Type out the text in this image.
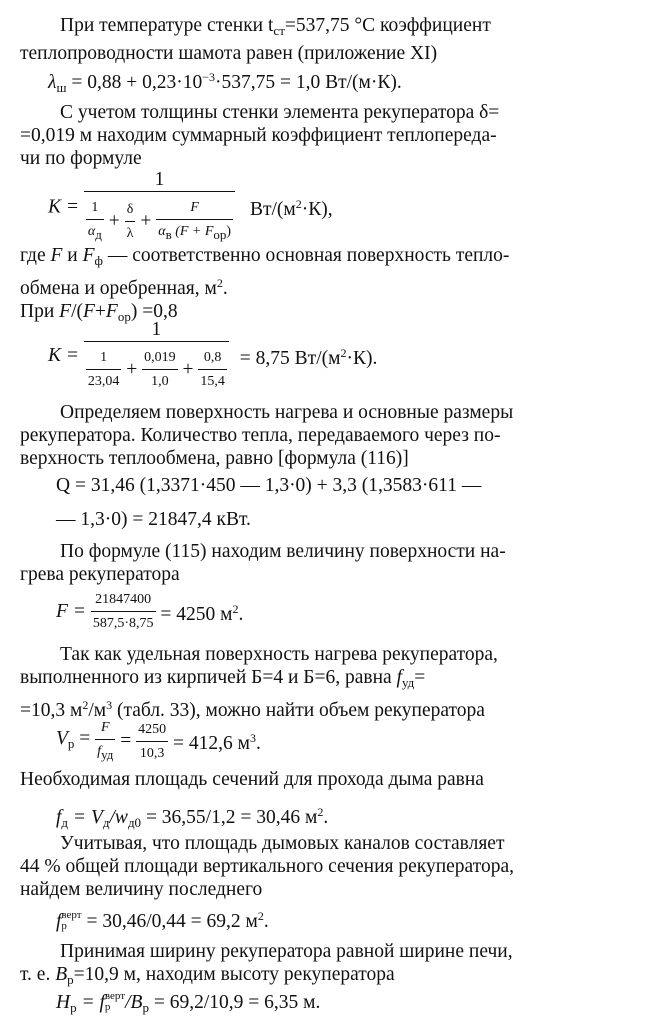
При температуре стенки $t_{ст}=537,75$ °С коэффициент

теплопроводности шамота равен (приложение XI)

$\lambda_ш = 0,88 + 0,23\cdot 10^{-3}\cdot 537,75 = 1,0$ Вт/(м·К).

С учетом толщины стенки элемента рекуператора δ=

=0,019 м находим суммарный коэффициент теплопереда-

чи по формуле

$K = \frac{1}{\frac{1}{\alpha д} + \frac{\delta}{\lambda} + \frac{F}{\text{αв (F + Fор)}}} Вт/(м^2\cdot К)$,

где F и $F_ф$ — соответственно основная поверхность тепло-

обмена и оребренная, $м^2$.

При $F/(F+F_{ор}) =0,8$

$K = \frac{1}{\frac{1}{23,04} + \frac{0,019}{1,0} + \frac{0,8}{15,4}} = 8,75$ $Вт/(м^2\cdot К)$.

Определяем поверхность нагрева и основные размеры

рекуператора. Количество тепла, передаваемого через по-

верхность теплообмена, равно [формула (116)]

Q = 31,46 (1,3371·450 — 1,3·0) + 3,3 (1,3583·611 —
— 1,3·0) = 21847,4 кВт.

По формуле (115) находим величину поверхности на-

грева рекуператора

$F = \frac{21847400}{587,5\cdot 8,75} = 4250$ $м^2$.

Так как удельная поверхность нагрева рекуператора,

выполненного из кирпичей Б=4 и Б=6, равна $f_{уд}=$

=10,3 $м^2/м^3$ (табл. 33), можно найти объем рекуператора

$V_р = \frac{F}{\text{fуд}} = \frac{4250}{10,3} = 412,6$ $м^3$.

Необходимая площадь сечений для прохода дыма равна

$f_д = V_д/w_{д0} = 36,55/1,2 = 30,46$ $м^2$.

Учитывая, что площадь дымовых каналов составляет

44 % общей площади вертикального сечения рекуператора,

найдем величину последнего

f верт
р = 30,46/0,44 = 69,2 $м^2$.

Принимая ширину рекуператора равной ширине печи,

т. е. $B_р=10,9$ м, находим высоту рекуператора

$H_р = f$ верт
р $/B_р = 69,2/10,9 = 6,35$ м.
